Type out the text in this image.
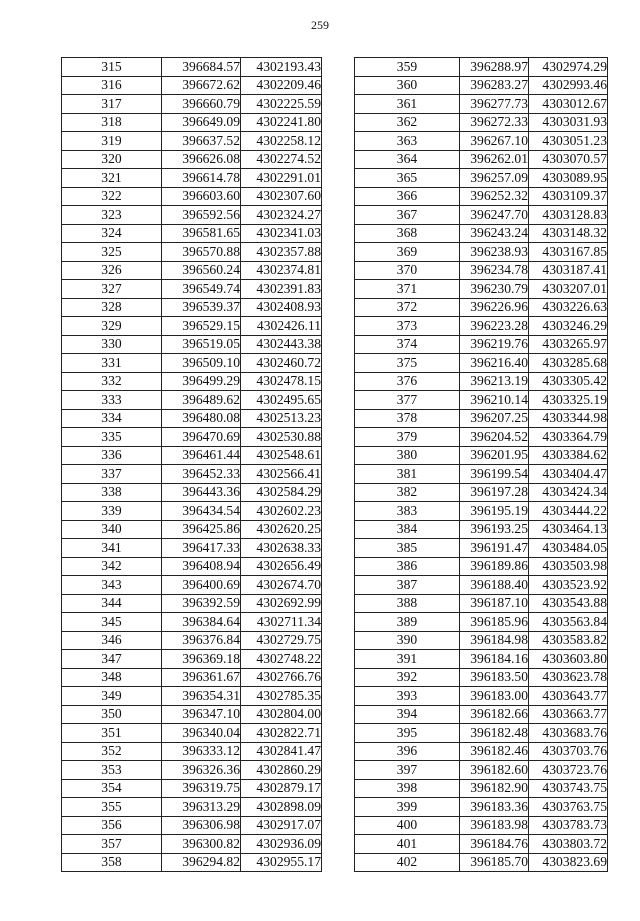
259
315	396684.57	4302193.43
316	396672.62	4302209.46
317	396660.79	4302225.59
318	396649.09	4302241.80
319	396637.52	4302258.12
320	396626.08	4302274.52
321	396614.78	4302291.01
322	396603.60	4302307.60
323	396592.56	4302324.27
324	396581.65	4302341.03
325	396570.88	4302357.88
326	396560.24	4302374.81
327	396549.74	4302391.83
328	396539.37	4302408.93
329	396529.15	4302426.11
330	396519.05	4302443.38
331	396509.10	4302460.72
332	396499.29	4302478.15
333	396489.62	4302495.65
334	396480.08	4302513.23
335	396470.69	4302530.88
336	396461.44	4302548.61
337	396452.33	4302566.41
338	396443.36	4302584.29
339	396434.54	4302602.23
340	396425.86	4302620.25
341	396417.33	4302638.33
342	396408.94	4302656.49
343	396400.69	4302674.70
344	396392.59	4302692.99
345	396384.64	4302711.34
346	396376.84	4302729.75
347	396369.18	4302748.22
348	396361.67	4302766.76
349	396354.31	4302785.35
350	396347.10	4302804.00
351	396340.04	4302822.71
352	396333.12	4302841.47
353	396326.36	4302860.29
354	396319.75	4302879.17
355	396313.29	4302898.09
356	396306.98	4302917.07
357	396300.82	4302936.09
358	396294.82	4302955.17
359	396288.97	4302974.29
360	396283.27	4302993.46
361	396277.73	4303012.67
362	396272.33	4303031.93
363	396267.10	4303051.23
364	396262.01	4303070.57
365	396257.09	4303089.95
366	396252.32	4303109.37
367	396247.70	4303128.83
368	396243.24	4303148.32
369	396238.93	4303167.85
370	396234.78	4303187.41
371	396230.79	4303207.01
372	396226.96	4303226.63
373	396223.28	4303246.29
374	396219.76	4303265.97
375	396216.40	4303285.68
376	396213.19	4303305.42
377	396210.14	4303325.19
378	396207.25	4303344.98
379	396204.52	4303364.79
380	396201.95	4303384.62
381	396199.54	4303404.47
382	396197.28	4303424.34
383	396195.19	4303444.22
384	396193.25	4303464.13
385	396191.47	4303484.05
386	396189.86	4303503.98
387	396188.40	4303523.92
388	396187.10	4303543.88
389	396185.96	4303563.84
390	396184.98	4303583.82
391	396184.16	4303603.80
392	396183.50	4303623.78
393	396183.00	4303643.77
394	396182.66	4303663.77
395	396182.48	4303683.76
396	396182.46	4303703.76
397	396182.60	4303723.76
398	396182.90	4303743.75
399	396183.36	4303763.75
400	396183.98	4303783.73
401	396184.76	4303803.72
402	396185.70	4303823.69
